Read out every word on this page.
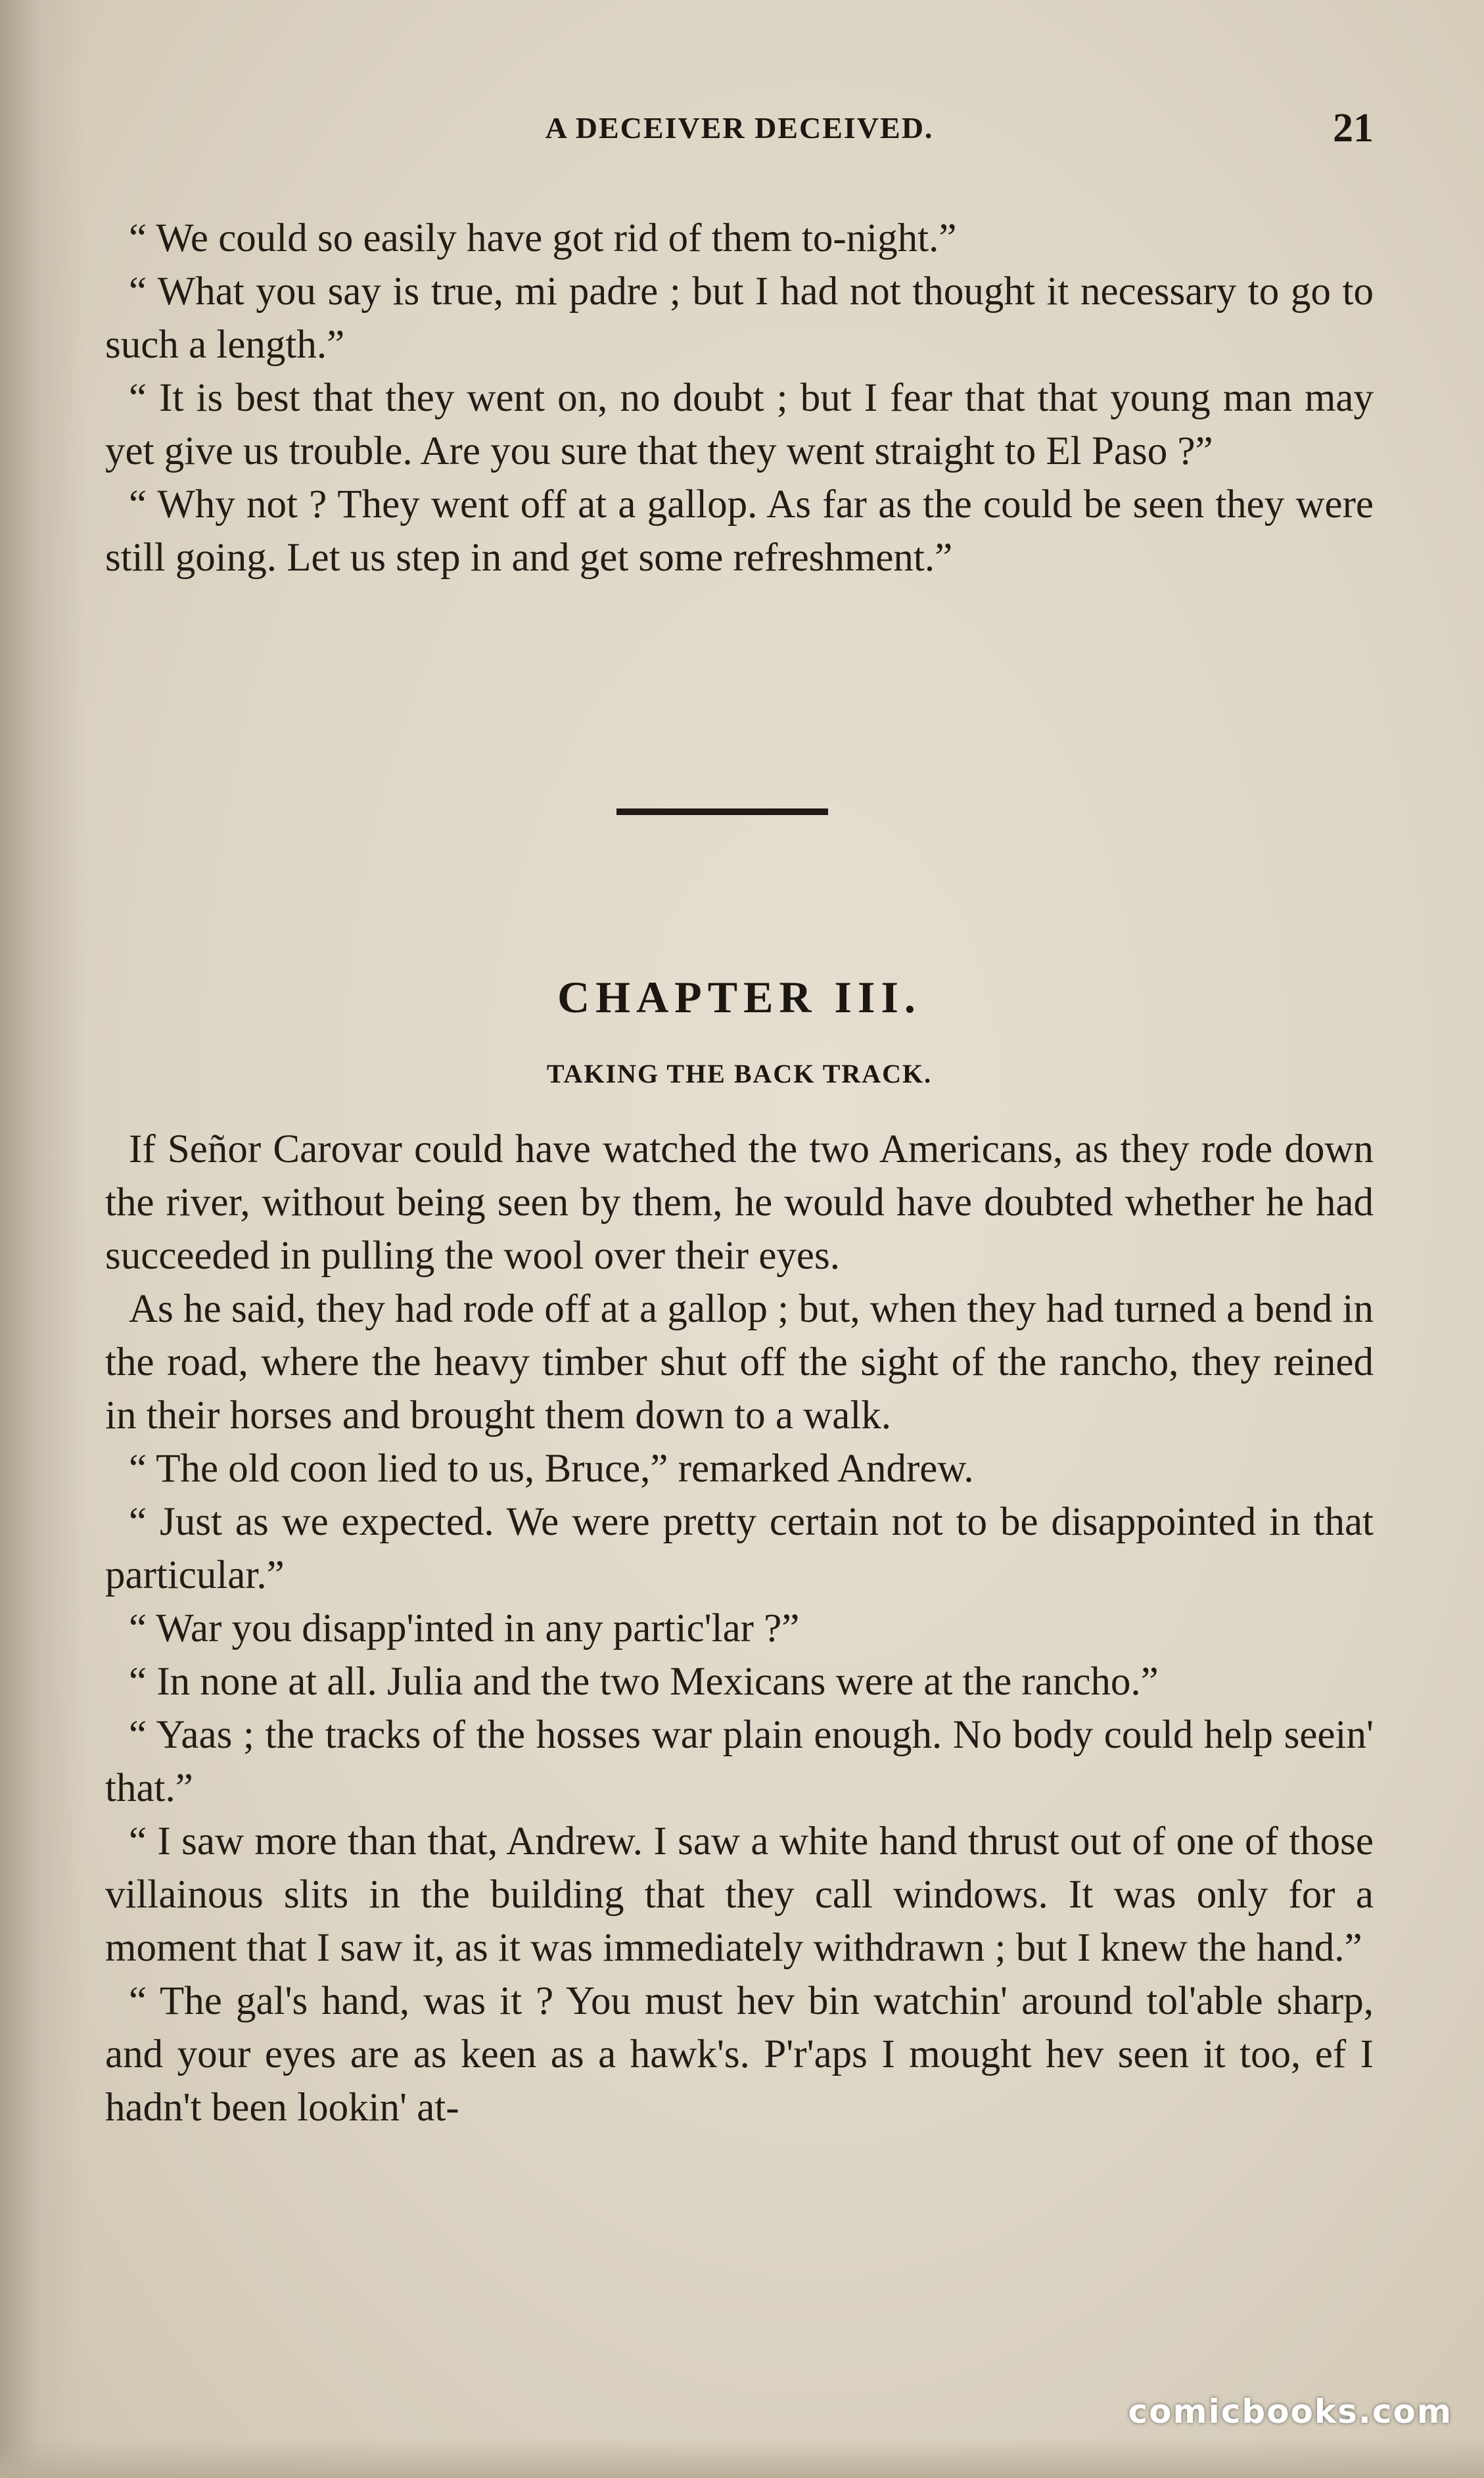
A DECEIVER DECEIVED.	21

“ We could so easily have got rid of them to-night.”

“ What you say is true, mi padre ; but I had not thought it necessary to go to such a length.”

“ It is best that they went on, no doubt ; but I fear that that young man may yet give us trouble. Are you sure that they went straight to El Paso ?”

“ Why not ? They went off at a gallop. As far as the could be seen they were still going. Let us step in and get some refreshment.”

CHAPTER III.
TAKING THE BACK TRACK.

If Señor Carovar could have watched the two Americans, as they rode down the river, without being seen by them, he would have doubted whether he had succeeded in pulling the wool over their eyes.

As he said, they had rode off at a gallop ; but, when they had turned a bend in the road, where the heavy timber shut off the sight of the rancho, they reined in their horses and brought them down to a walk.

“ The old coon lied to us, Bruce,” remarked Andrew.

“ Just as we expected. We were pretty certain not to be disappointed in that particular.”

“ War you disapp'inted in any partic'lar ?”

“ In none at all. Julia and the two Mexicans were at the rancho.”

“ Yaas ; the tracks of the hosses war plain enough. No body could help seein' that.”

“ I saw more than that, Andrew. I saw a white hand thrust out of one of those villainous slits in the building that they call windows. It was only for a moment that I saw it, as it was immediately withdrawn ; but I knew the hand.”

“ The gal's hand, was it ? You must hev bin watchin' around tol'able sharp, and your eyes are as keen as a hawk's. P'r'aps I mought hev seen it too, ef I hadn't been lookin' at-

comicbooks.com
